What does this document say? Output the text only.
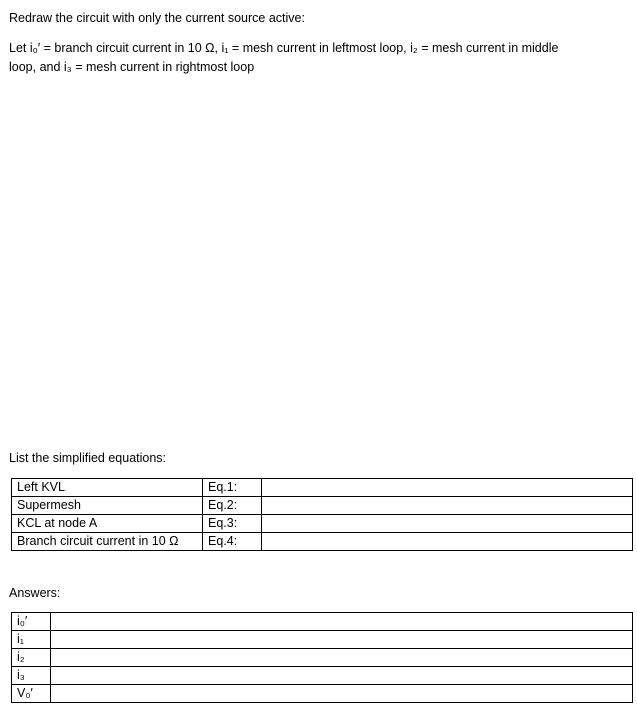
Redraw the circuit with only the current source active:

Let i₀′ = branch circuit current in 10 Ω, i₁ = mesh current in leftmost loop, i₂ = mesh current in middle

loop, and i₃ = mesh current in rightmost loop

List the simplified equations:

Left KVL	Eq.1:	
Supermesh	Eq.2:	
KCL at node A	Eq.3:	
Branch circuit current in 10 Ω	Eq.4:	

Answers:

i₀′	
i₁	
i₂	
i₃	
V₀′	
